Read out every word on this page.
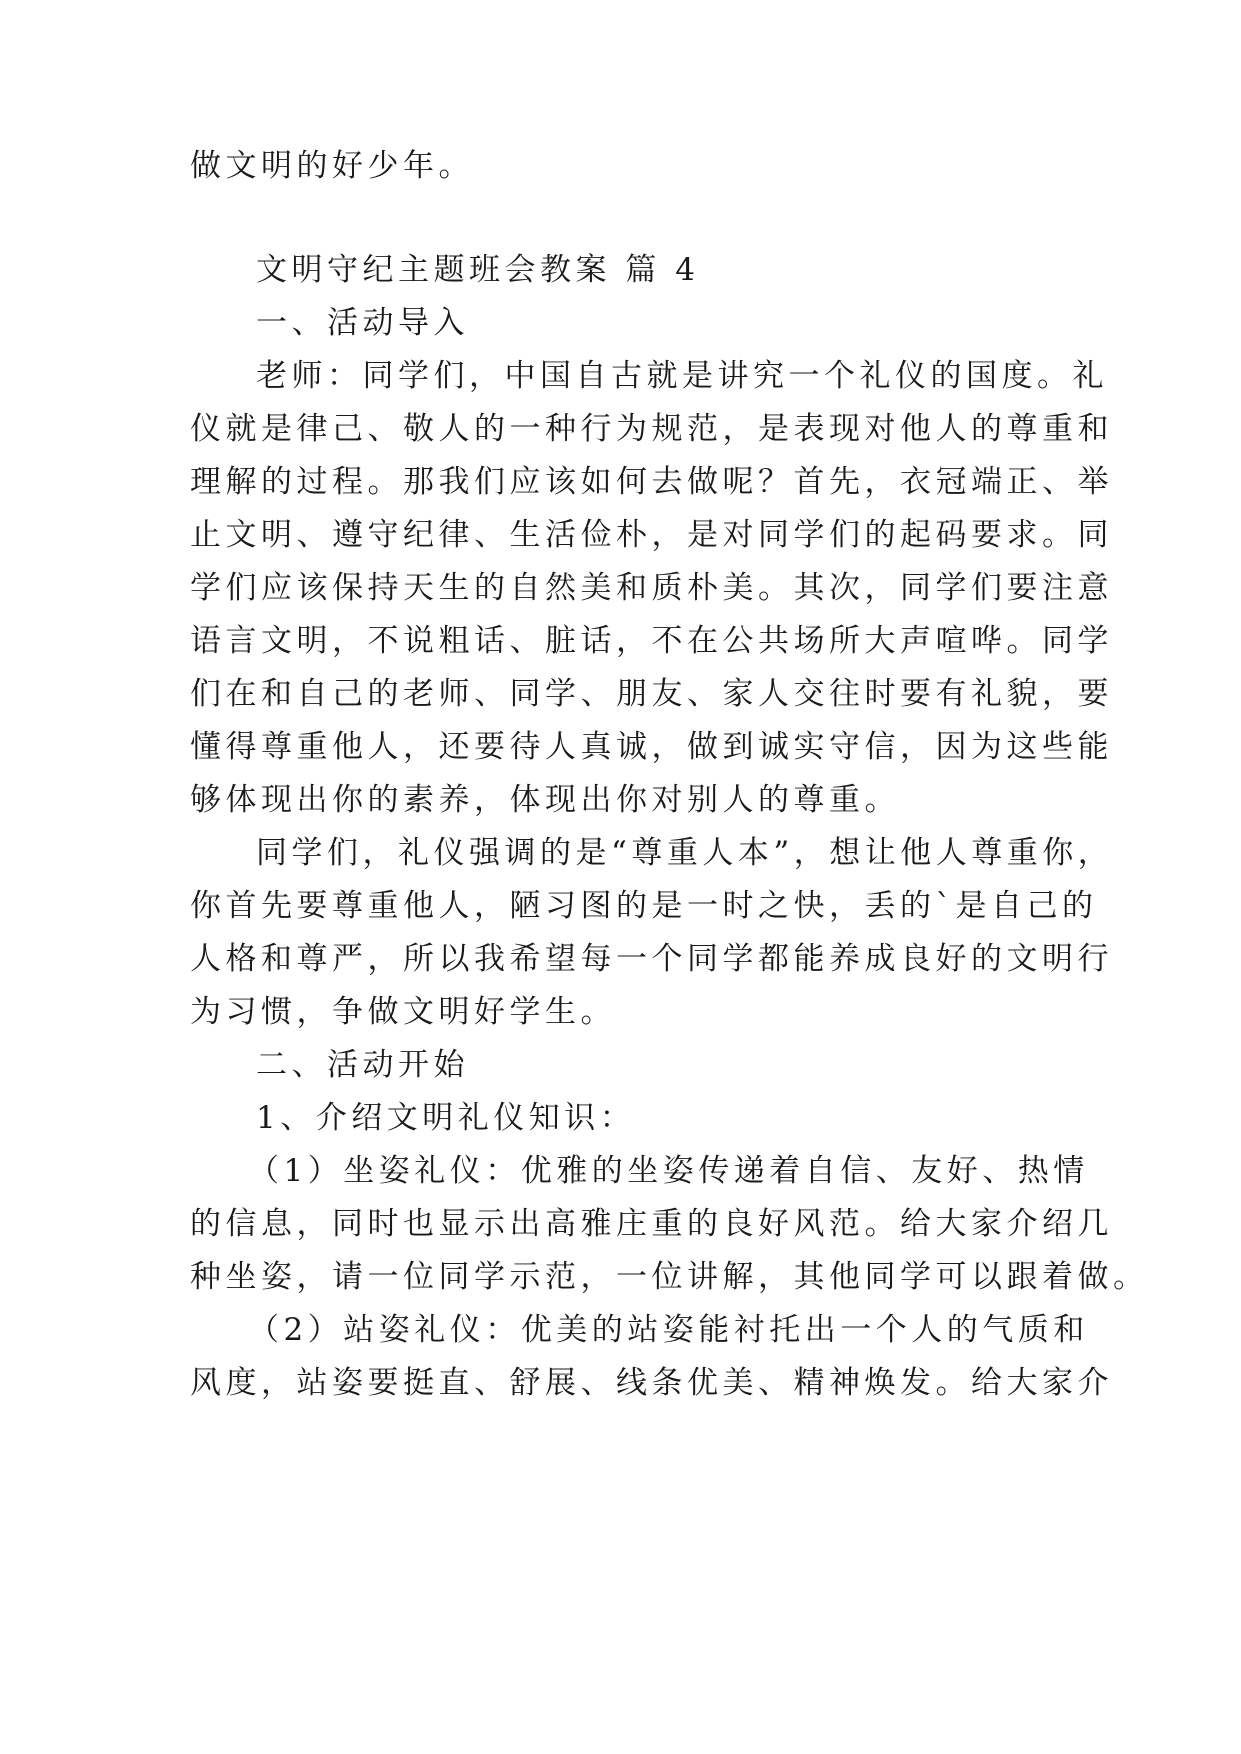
做文明的好少年。
文明守纪主题班会教案 篇 4
一、活动导入
老师：同学们，中国自古就是讲究一个礼仪的国度。礼
仪就是律己、敬人的一种行为规范，是表现对他人的尊重和
理解的过程。那我们应该如何去做呢？首先，衣冠端正、举
止文明、遵守纪律、生活俭朴，是对同学们的起码要求。同
学们应该保持天生的自然美和质朴美。其次，同学们要注意
语言文明，不说粗话、脏话，不在公共场所大声喧哗。同学
们在和自己的老师、同学、朋友、家人交往时要有礼貌，要
懂得尊重他人，还要待人真诚，做到诚实守信，因为这些能
够体现出你的素养，体现出你对别人的尊重。
同学们，礼仪强调的是“尊重人本”，想让他人尊重你，
你首先要尊重他人，陋习图的是一时之快，丢的`是自己的
人格和尊严，所以我希望每一个同学都能养成良好的文明行
为习惯，争做文明好学生。
二、活动开始
1、介绍文明礼仪知识：
（1）坐姿礼仪：优雅的坐姿传递着自信、友好、热情
的信息，同时也显示出高雅庄重的良好风范。给大家介绍几
种坐姿，请一位同学示范，一位讲解，其他同学可以跟着做。
（2）站姿礼仪：优美的站姿能衬托出一个人的气质和
风度，站姿要挺直、舒展、线条优美、精神焕发。给大家介
